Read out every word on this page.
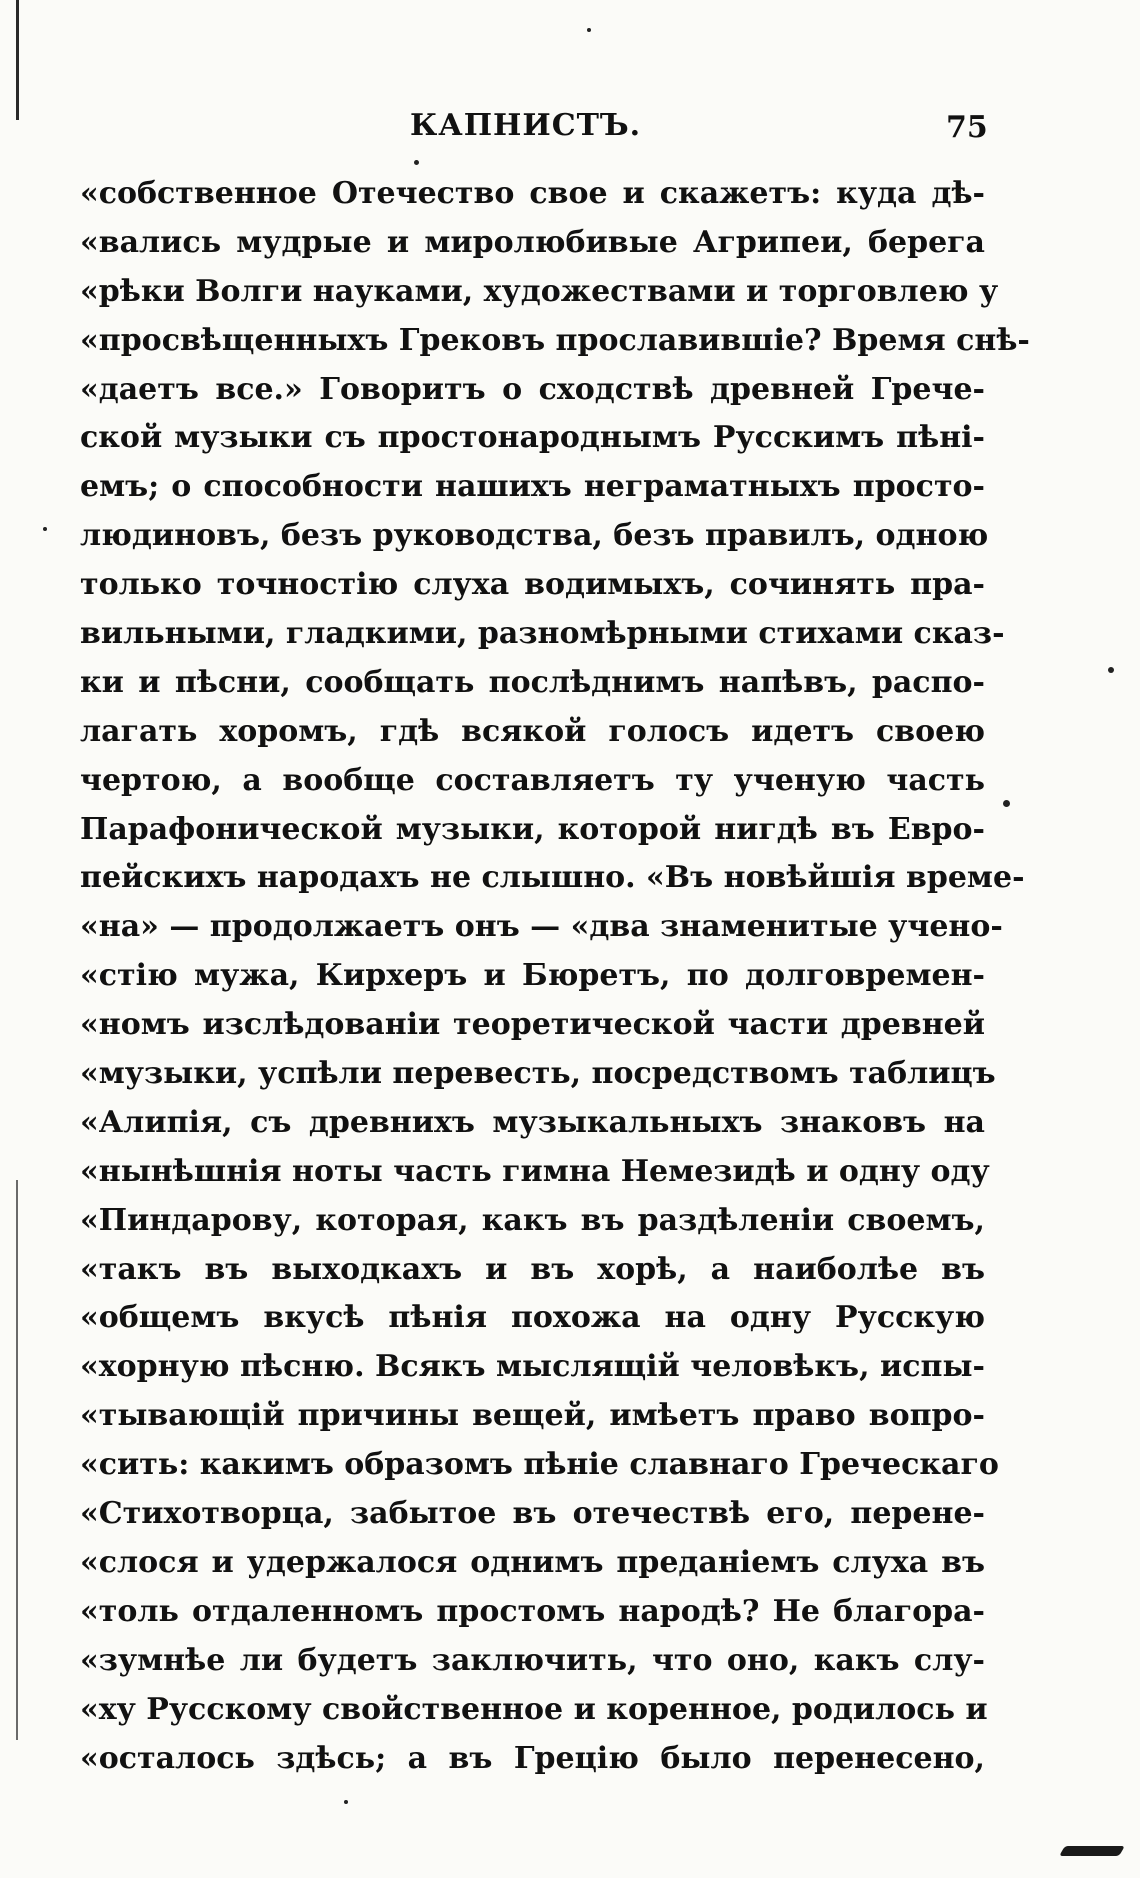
КАПНИСТЪ.	75
«собственное Отечество свое и скажетъ: куда дѣ-
«вались мудрые и миролюбивые Агрипеи, берега
«рѣки Волги науками, художествами и торговлею у
«просвѣщенныхъ Грековъ прославившіе? Время снѣ-
«даетъ все.» Говоритъ о сходствѣ древней Грече-
ской музыки съ простонароднымъ Русскимъ пѣні-
емъ; о способности нашихъ неграматныхъ просто-
людиновъ, безъ руководства, безъ правилъ, одною
только точностію слуха водимыхъ, сочинять пра-
вильными, гладкими, разномѣрными стихами сказ-
ки и пѣсни, сообщать послѣднимъ напѣвъ, распо-
лагать хоромъ, гдѣ всякой голосъ идетъ своею
чертою, а вообще составляетъ ту ученую часть
Парафонической музыки, которой нигдѣ въ Евро-
пейскихъ народахъ не слышно. «Въ новѣйшія време-
«на» — продолжаетъ онъ — «два знаменитые учено-
«стію мужа, Кирхеръ и Бюретъ, по долговремен-
«номъ изслѣдованіи теоретической части древней
«музыки, успѣли перевесть, посредствомъ таблицъ
«Алипія, съ древнихъ музыкальныхъ знаковъ на
«нынѣшнія ноты часть гимна Немезидѣ и одну оду
«Пиндарову, которая, какъ въ раздѣленіи своемъ,
«такъ въ выходкахъ и въ хорѣ, а наиболѣе въ
«общемъ вкусѣ пѣнія похожа на одну Русскую
«хорную пѣсню. Всякъ мыслящій человѣкъ, испы-
«тывающій причины вещей, имѣетъ право вопро-
«сить: какимъ образомъ пѣніе славнаго Греческаго
«Стихотворца, забытое въ отечествѣ его, перене-
«слося и удержалося однимъ преданіемъ слуха въ
«толь отдаленномъ простомъ народѣ? Не благора-
«зумнѣе ли будетъ заключить, что оно, какъ слу-
«ху Русскому свойственное и коренное, родилось и
«осталось здѣсь; а въ Грецію было перенесено,
